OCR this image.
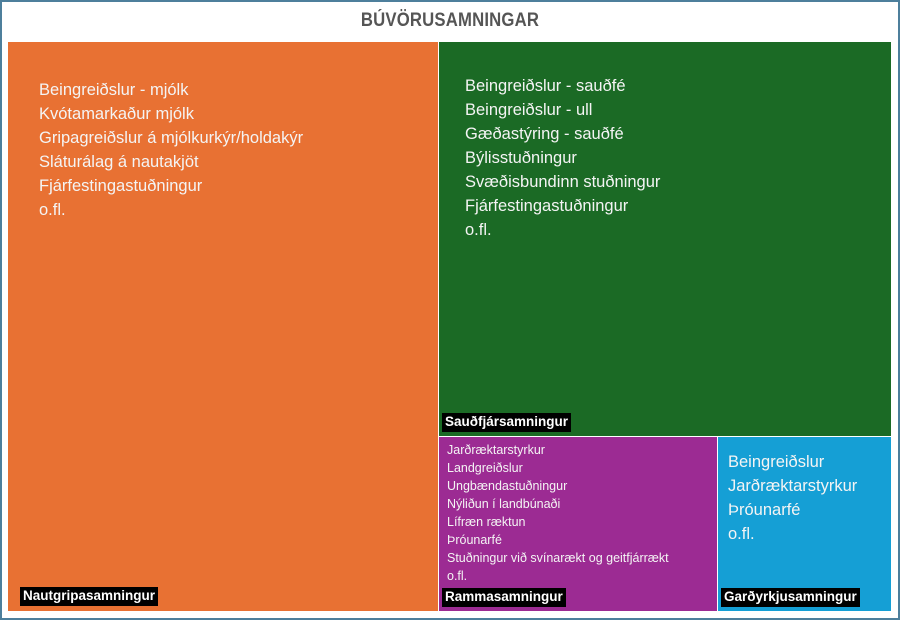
BÚVÖRUSAMNINGAR
Beingreiðslur - mjólk
Kvótamarkaður mjólk
Gripagreiðslur á mjólkurkýr/holdakýr
Sláturálag á nautakjöt
Fjárfestingastuðningur
o.fl.
Nautgripasamningur
Beingreiðslur - sauðfé
Beingreiðslur - ull
Gæðastýring - sauðfé
Býlisstuðningur
Svæðisbundinn stuðningur
Fjárfestingastuðningur
o.fl.
Sauðfjársamningur
Jarðræktarstyrkur
Landgreiðslur
Ungbændastuðningur
Nýliðun í landbúnaði
Lífræn ræktun
Þróunarfé
Stuðningur við svínarækt og geitfjárrækt
o.fl.
Rammasamningur
Beingreiðslur
Jarðræktarstyrkur
Þróunarfé
o.fl.
Garðyrkjusamningur
